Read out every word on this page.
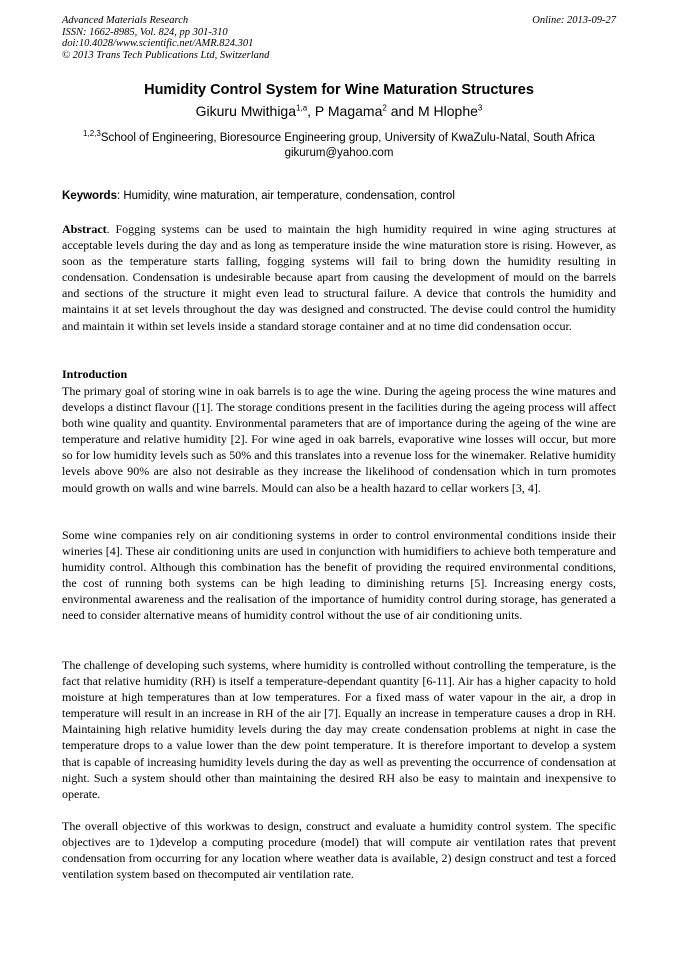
Advanced Materials Research
ISSN: 1662-8985, Vol. 824, pp 301-310
doi:10.4028/www.scientific.net/AMR.824.301
© 2013 Trans Tech Publications Ltd, Switzerland
Online: 2013-09-27
Humidity Control System for Wine Maturation Structures
Gikuru Mwithiga$^{1,a}$, P Magama$^2$ and M Hlophe$^3$
$^{1,2,3}$School of Engineering, Bioresource Engineering group, University of KwaZulu-Natal, South Africa
gikurum@yahoo.com
Keywords: Humidity, wine maturation, air temperature, condensation, control
Abstract. Fogging systems can be used to maintain the high humidity required in wine aging structures at acceptable levels during the day and as long as temperature inside the wine maturation store is rising. However, as soon as the temperature starts falling, fogging systems will fail to bring down the humidity resulting in condensation. Condensation is undesirable because apart from causing the development of mould on the barrels and sections of the structure it might even lead to structural failure. A device that controls the humidity and maintains it at set levels throughout the day was designed and constructed. The devise could control the humidity and maintain it within set levels inside a standard storage container and at no time did condensation occur.
Introduction
The primary goal of storing wine in oak barrels is to age the wine. During the ageing process the wine matures and develops a distinct flavour ([1]. The storage conditions present in the facilities during the ageing process will affect both wine quality and quantity. Environmental parameters that are of importance during the ageing of the wine are temperature and relative humidity [2]. For wine aged in oak barrels, evaporative wine losses will occur, but more so for low humidity levels such as 50% and this translates into a revenue loss for the winemaker. Relative humidity levels above 90% are also not desirable as they increase the likelihood of condensation which in turn promotes mould growth on walls and wine barrels. Mould can also be a health hazard to cellar workers [3, 4].
Some wine companies rely on air conditioning systems in order to control environmental conditions inside their wineries [4]. These air conditioning units are used in conjunction with humidifiers to achieve both temperature and humidity control. Although this combination has the benefit of providing the required environmental conditions, the cost of running both systems can be high leading to diminishing returns [5]. Increasing energy costs, environmental awareness and the realisation of the importance of humidity control during storage, has generated a need to consider alternative means of humidity control without the use of air conditioning units.
The challenge of developing such systems, where humidity is controlled without controlling the temperature, is the fact that relative humidity (RH) is itself a temperature-dependant quantity [6-11]. Air has a higher capacity to hold moisture at high temperatures than at low temperatures. For a fixed mass of water vapour in the air, a drop in temperature will result in an increase in RH of the air [7]. Equally an increase in temperature causes a drop in RH. Maintaining high relative humidity levels during the day may create condensation problems at night in case the temperature drops to a value lower than the dew point temperature. It is therefore important to develop a system that is capable of increasing humidity levels during the day as well as preventing the occurrence of condensation at night. Such a system should other than maintaining the desired RH also be easy to maintain and inexpensive to operate.
The overall objective of this workwas to design, construct and evaluate a humidity control system. The specific objectives are to 1)develop a computing procedure (model) that will compute air ventilation rates that prevent condensation from occurring for any location where weather data is available, 2) design construct and test a forced ventilation system based on thecomputed air ventilation rate.
